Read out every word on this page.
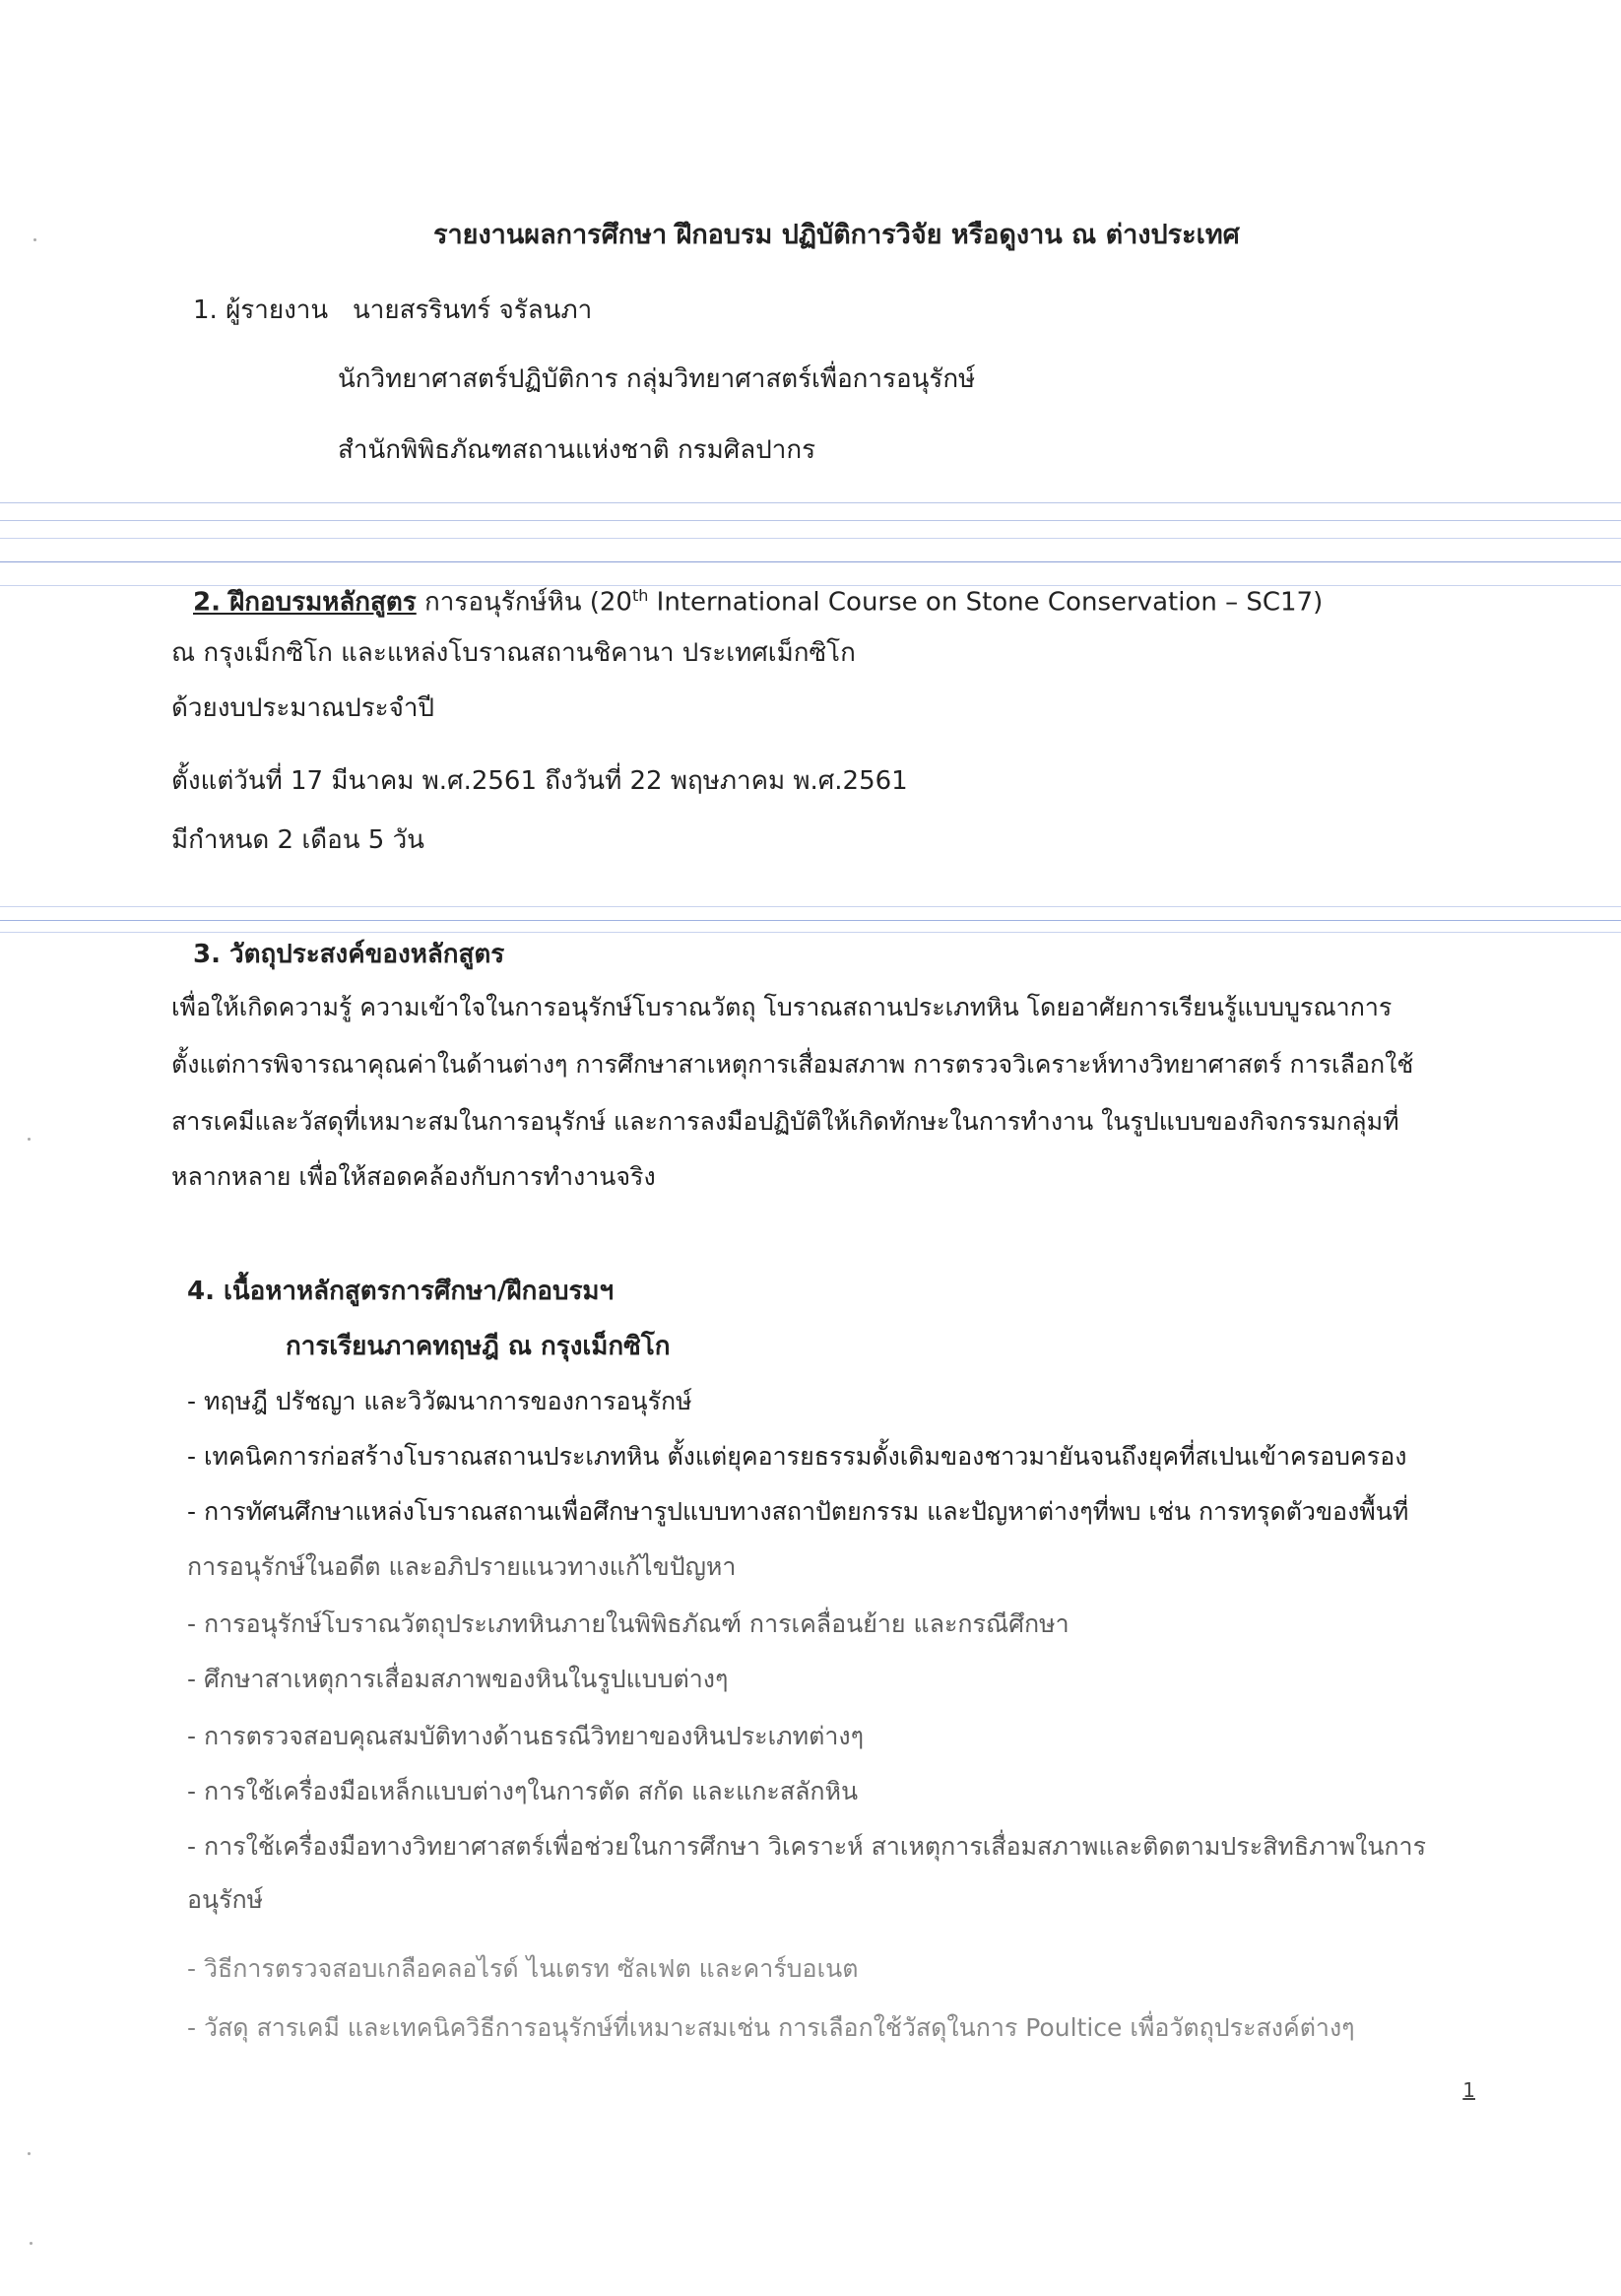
รายงานผลการศึกษา ฝึกอบรม ปฏิบัติการวิจัย หรือดูงาน ณ ต่างประเทศ
1. ผู้รายงาน นายสรรินทร์ จรัลนภา
นักวิทยาศาสตร์ปฏิบัติการ กลุ่มวิทยาศาสตร์เพื่อการอนุรักษ์
สำนักพิพิธภัณฑสถานแห่งชาติ กรมศิลปากร
2. ฝึกอบรมหลักสูตร การอนุรักษ์หิน (20th International Course on Stone Conservation – SC17)
ณ กรุงเม็กซิโก และแหล่งโบราณสถานชิคานา ประเทศเม็กซิโก
ด้วยงบประมาณประจำปี
ตั้งแต่วันที่ 17 มีนาคม พ.ศ.2561 ถึงวันที่ 22 พฤษภาคม พ.ศ.2561
มีกำหนด 2 เดือน 5 วัน
3. วัตถุประสงค์ของหลักสูตร
เพื่อให้เกิดความรู้ ความเข้าใจในการอนุรักษ์โบราณวัตถุ โบราณสถานประเภทหิน โดยอาศัยการเรียนรู้แบบบูรณาการ
ตั้งแต่การพิจารณาคุณค่าในด้านต่างๆ การศึกษาสาเหตุการเสื่อมสภาพ การตรวจวิเคราะห์ทางวิทยาศาสตร์ การเลือกใช้
สารเคมีและวัสดุที่เหมาะสมในการอนุรักษ์ และการลงมือปฏิบัติให้เกิดทักษะในการทำงาน ในรูปแบบของกิจกรรมกลุ่มที่
หลากหลาย เพื่อให้สอดคล้องกับการทำงานจริง
4. เนื้อหาหลักสูตรการศึกษา/ฝึกอบรมฯ
การเรียนภาคทฤษฎี ณ กรุงเม็กซิโก
- ทฤษฎี ปรัชญา และวิวัฒนาการของการอนุรักษ์
- เทคนิคการก่อสร้างโบราณสถานประเภทหิน ตั้งแต่ยุคอารยธรรมดั้งเดิมของชาวมายันจนถึงยุคที่สเปนเข้าครอบครอง
- การทัศนศึกษาแหล่งโบราณสถานเพื่อศึกษารูปแบบทางสถาปัตยกรรม และปัญหาต่างๆที่พบ เช่น การทรุดตัวของพื้นที่
การอนุรักษ์ในอดีต และอภิปรายแนวทางแก้ไขปัญหา
- การอนุรักษ์โบราณวัตถุประเภทหินภายในพิพิธภัณฑ์ การเคลื่อนย้าย และกรณีศึกษา
- ศึกษาสาเหตุการเสื่อมสภาพของหินในรูปแบบต่างๆ
- การตรวจสอบคุณสมบัติทางด้านธรณีวิทยาของหินประเภทต่างๆ
- การใช้เครื่องมือเหล็กแบบต่างๆในการตัด สกัด และแกะสลักหิน
- การใช้เครื่องมือทางวิทยาศาสตร์เพื่อช่วยในการศึกษา วิเคราะห์ สาเหตุการเสื่อมสภาพและติดตามประสิทธิภาพในการ
อนุรักษ์
- วิธีการตรวจสอบเกลือคลอไรด์ ไนเตรท ซัลเฟต และคาร์บอเนต
- วัสดุ สารเคมี และเทคนิควิธีการอนุรักษ์ที่เหมาะสมเช่น การเลือกใช้วัสดุในการ Poultice เพื่อวัตถุประสงค์ต่างๆ
1
